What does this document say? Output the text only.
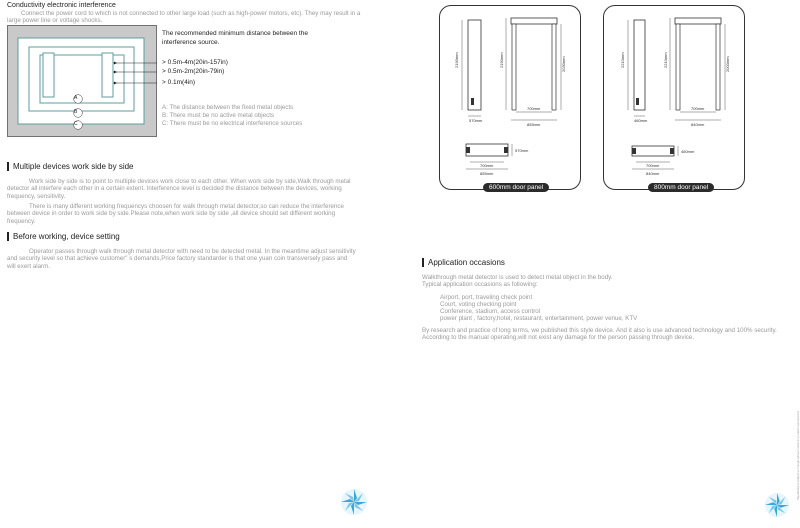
Conductivity electronic interference
Connect the power cord to which is not connected to other large load (such as high-power motors, etc). They may result in a large power line or voltage shocks.
A
B
C
The recommended minimum distance between the interference source.
> 0.5m-4m(20in-157in)
> 0.5m-2m(20in-79in)
> 0.1m(4in)
A: The distance between the fixed metal objects
B: There must be no active metal objects
C: There must be no electrical interference sources
Multiple devices work side by side
Work side by side is to point to multiple devices work close to each other. When work side by side,Walk through metal detector all interfere each other in a certain extent. Interference level is decided the distance between the devices, working frequency, sensitivity.
There is many different working frequencys choosen for walk through metal detector,so can reduce the interference between device in order to work side by side.Please note,when work side by side ,all device should set different working frequency.
Before working, device setting
Operator passes through walk through metal detector with need to be detected metal. In the meantime adjust sensitivity and security level so that achieve customer" s demands,Price factory standarder is that one yuan coin transversely pass and will exert alarm.
2190mm
570mm
2190mm	2030mm
700mm
855mm
570mm
700mm
855mm
600mm door panel
2210mm
460mm
2210mm	2000mm
700mm
840mm
460mm
700mm
840mm
800mm door panel
Application occasions
Walkthrough metal detector is used to detect metal object in the body.
Typical application occasions as following:
Airport, port, traveling check point
Court, voting checking point
Conference, stadium, access control
power plant , factory,hotel, restaurant, entertainment, power venue, KTV
By research and practice of long terms, we published this style device. And it also is use advanced technology and 100% security. According to the manual operating,will not exist any damage for the person passing through device.
Specifications subject to change without notice for product improvement
